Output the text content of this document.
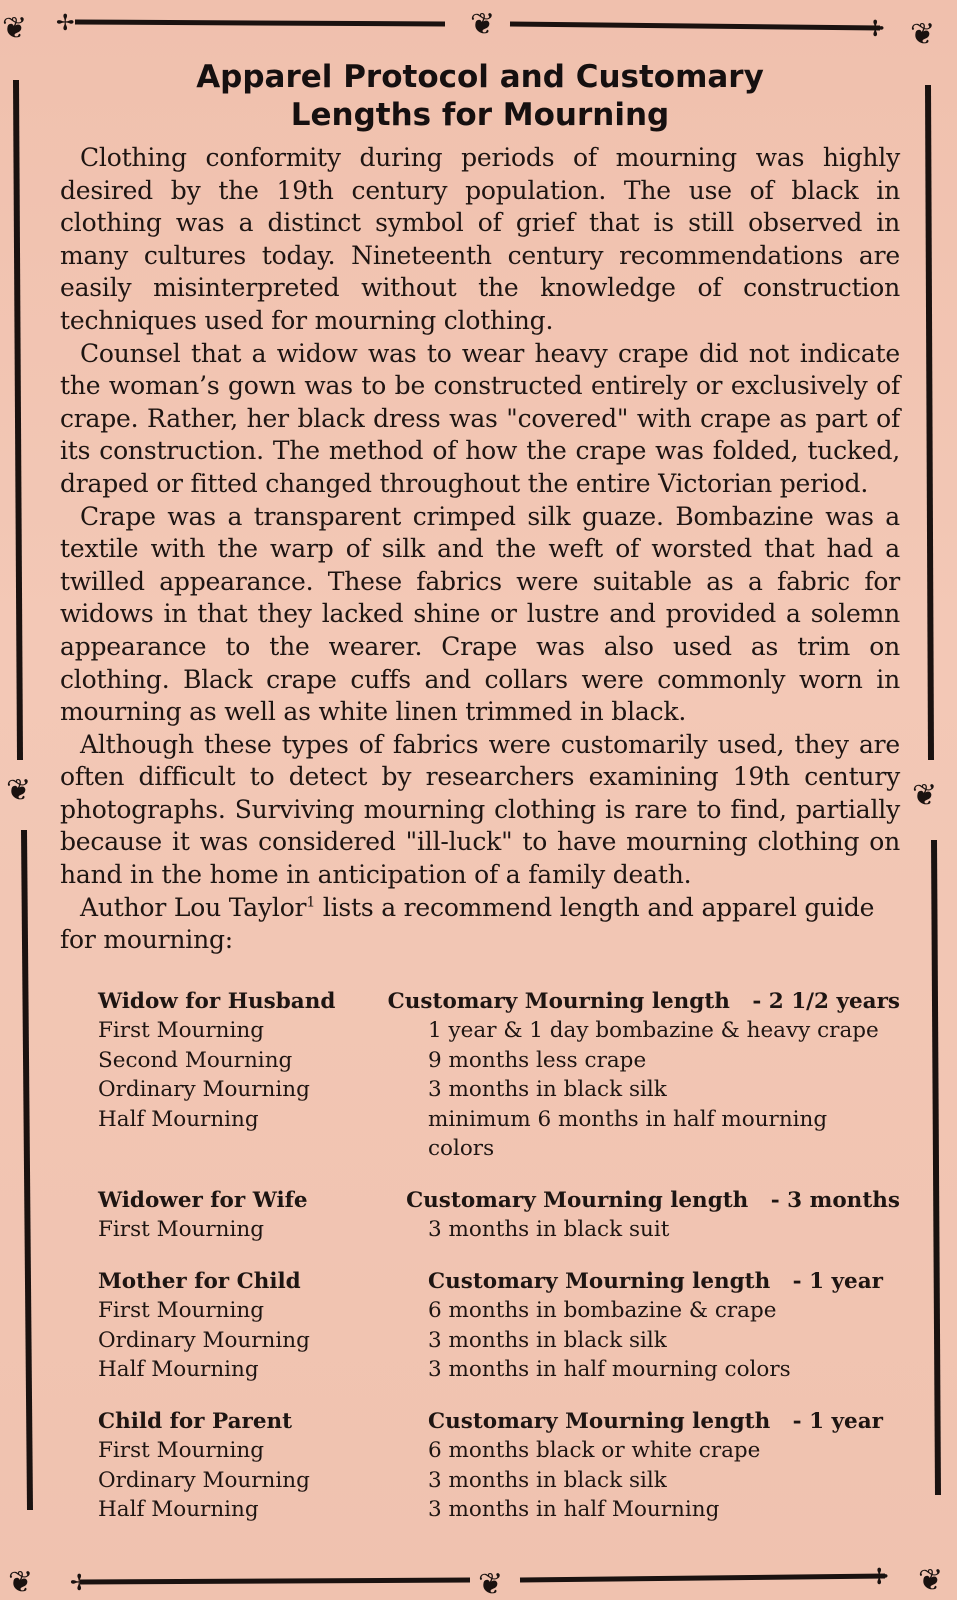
❦	❦	❦
❦	❦
❦	❦	❦
✢	✢
✢	✢
Apparel Protocol and Customary
Lengths for Mourning

Clothing conformity during periods of mourning was highly desired by the 19th century population. The use of black in clothing was a distinct symbol of grief that is still observed in many cultures today. Nineteenth century recommendations are easily misinterpreted without the knowledge of construction techniques used for mourning clothing.

Counsel that a widow was to wear heavy crape did not indicate the woman’s gown was to be constructed entirely or exclusively of crape. Rather, her black dress was "covered" with crape as part of its construction. The method of how the crape was folded, tucked, draped or fitted changed throughout the entire Victorian period.

Crape was a transparent crimped silk guaze. Bombazine was a textile with the warp of silk and the weft of worsted that had a twilled appearance. These fabrics were suitable as a fabric for widows in that they lacked shine or lustre and provided a solemn appearance to the wearer. Crape was also used as trim on clothing. Black crape cuffs and collars were commonly worn in mourning as well as white linen trimmed in black.

Although these types of fabrics were customarily used, they are often difficult to detect by researchers examining 19th century photographs. Surviving mourning clothing is rare to find, partially because it was considered "ill-luck" to have mourning clothing on hand in the home in anticipation of a family death.

Author Lou Taylor$^1$ lists a recommend length and apparel guide for mourning:

Widow for Husband	Customary Mourning length   - 2 1/2 years
First Mourning	1 year & 1 day bombazine & heavy crape
Second Mourning	9 months less crape
Ordinary Mourning	3 months in black silk
Half Mourning	minimum 6 months in half mourning colors
Widower for Wife	Customary Mourning length   - 3 months
First Mourning	3 months in black suit
Mother for Child	Customary Mourning length   - 1 year
First Mourning	6 months in bombazine & crape
Ordinary Mourning	3 months in black silk
Half Mourning	3 months in half mourning colors
Child for Parent	Customary Mourning length   - 1 year
First Mourning	6 months black or white crape
Ordinary Mourning	3 months in black silk
Half Mourning	3 months in half Mourning
